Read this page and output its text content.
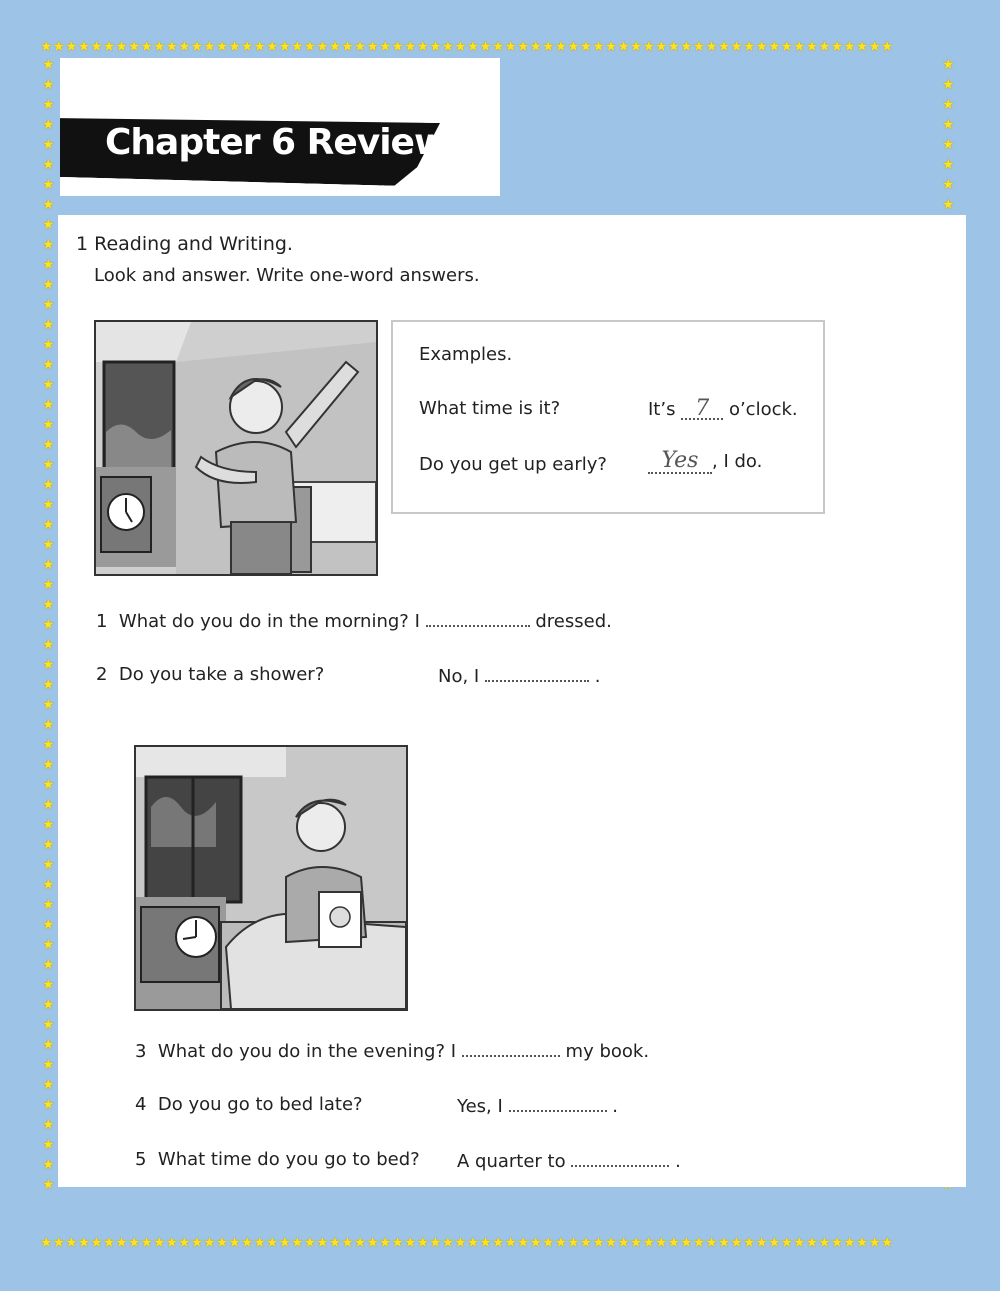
★★★★★★★★★★★★★★★★★★★★★★★★★★★★★★★★★★★★★★★★★★★★★★★★★★★★★★★★★★★★★★★★★★★★
★★★★★★★★★★★★★★★★★★★★★★★★★★★★★★★★★★★★★★★★★★★★★★★★★★★★★★★★★★★★★★★★★★★★
★★★★★★★★★★★★★★★★★★★★★★★★★★★★★★★★★★★★★★★★★★★★★★★★★★★★★★★★★
★★★★★★★★
Chapter 6 Review
1 Reading and Writing.
Look and answer. Write one-word answers.
Examples.
What time is it?	It’s 7 o’clock.
Do you get up early?	Yes , I do.
1 What do you do in the morning? I	dressed.
2 Do you take a shower?	No, I	.
3 What do you do in the evening? I	my book.
4 Do you go to bed late?	Yes, I	.
5 What time do you go to bed? A quarter to	.
